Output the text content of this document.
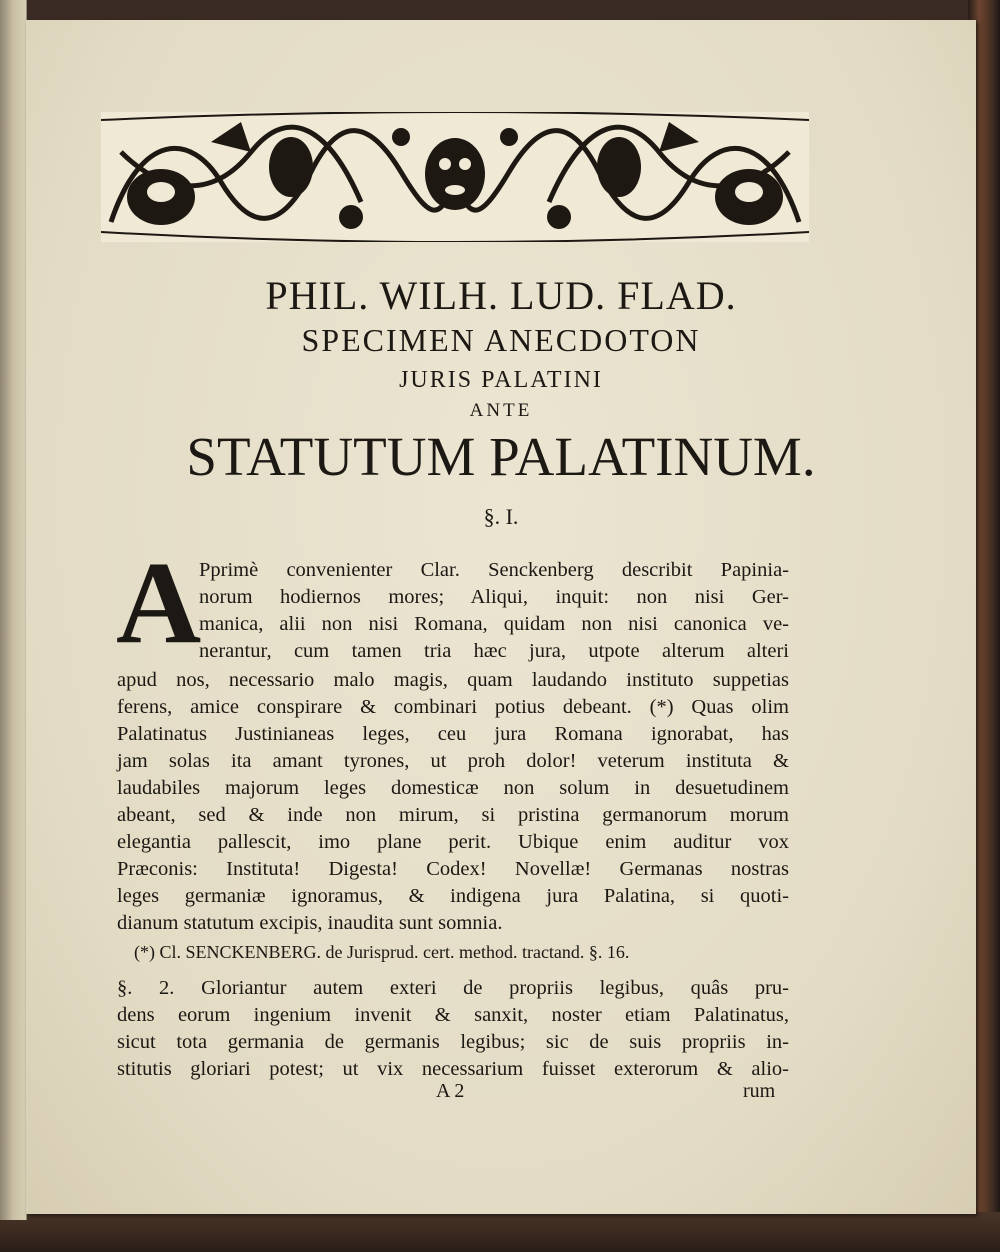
PHIL. WILH. LUD. FLAD.
SPECIMEN ANECDOTON
JURIS PALATINI
ANTE
STATUTUM PALATINUM.
§. I.
A
Pprimè convenienter Clar. Senckenberg describit Papinia-
norum hodiernos mores; Aliqui, inquit: non nisi Ger-
manica, alii non nisi Romana, quidam non nisi canonica ve-
nerantur, cum tamen tria hæc jura, utpote alterum alteri
apud nos, necessario malo magis, quam laudando instituto suppetias
ferens, amice conspirare & combinari potius debeant. (*) Quas olim
Palatinatus Justinianeas leges, ceu jura Romana ignorabat, has
jam solas ita amant tyrones, ut proh dolor! veterum instituta &
laudabiles majorum leges domesticæ non solum in desuetudinem
abeant, sed & inde non mirum, si pristina germanorum morum
elegantia pallescit, imo plane perit. Ubique enim auditur vox
Præconis: Instituta! Digesta! Codex! Novellæ! Germanas nostras
leges germaniæ ignoramus, & indigena jura Palatina, si quoti-
dianum statutum excipis, inaudita sunt somnia.
(*) Cl. SENCKENBERG. de Jurisprud. cert. method. tractand. §. 16.
§. 2. Gloriantur autem exteri de propriis legibus, quâs pru-
dens eorum ingenium invenit & sanxit, noster etiam Palatinatus,
sicut tota germania de germanis legibus; sic de suis propriis in-
stitutis gloriari potest; ut vix necessarium fuisset exterorum & alio-
A 2	rum
